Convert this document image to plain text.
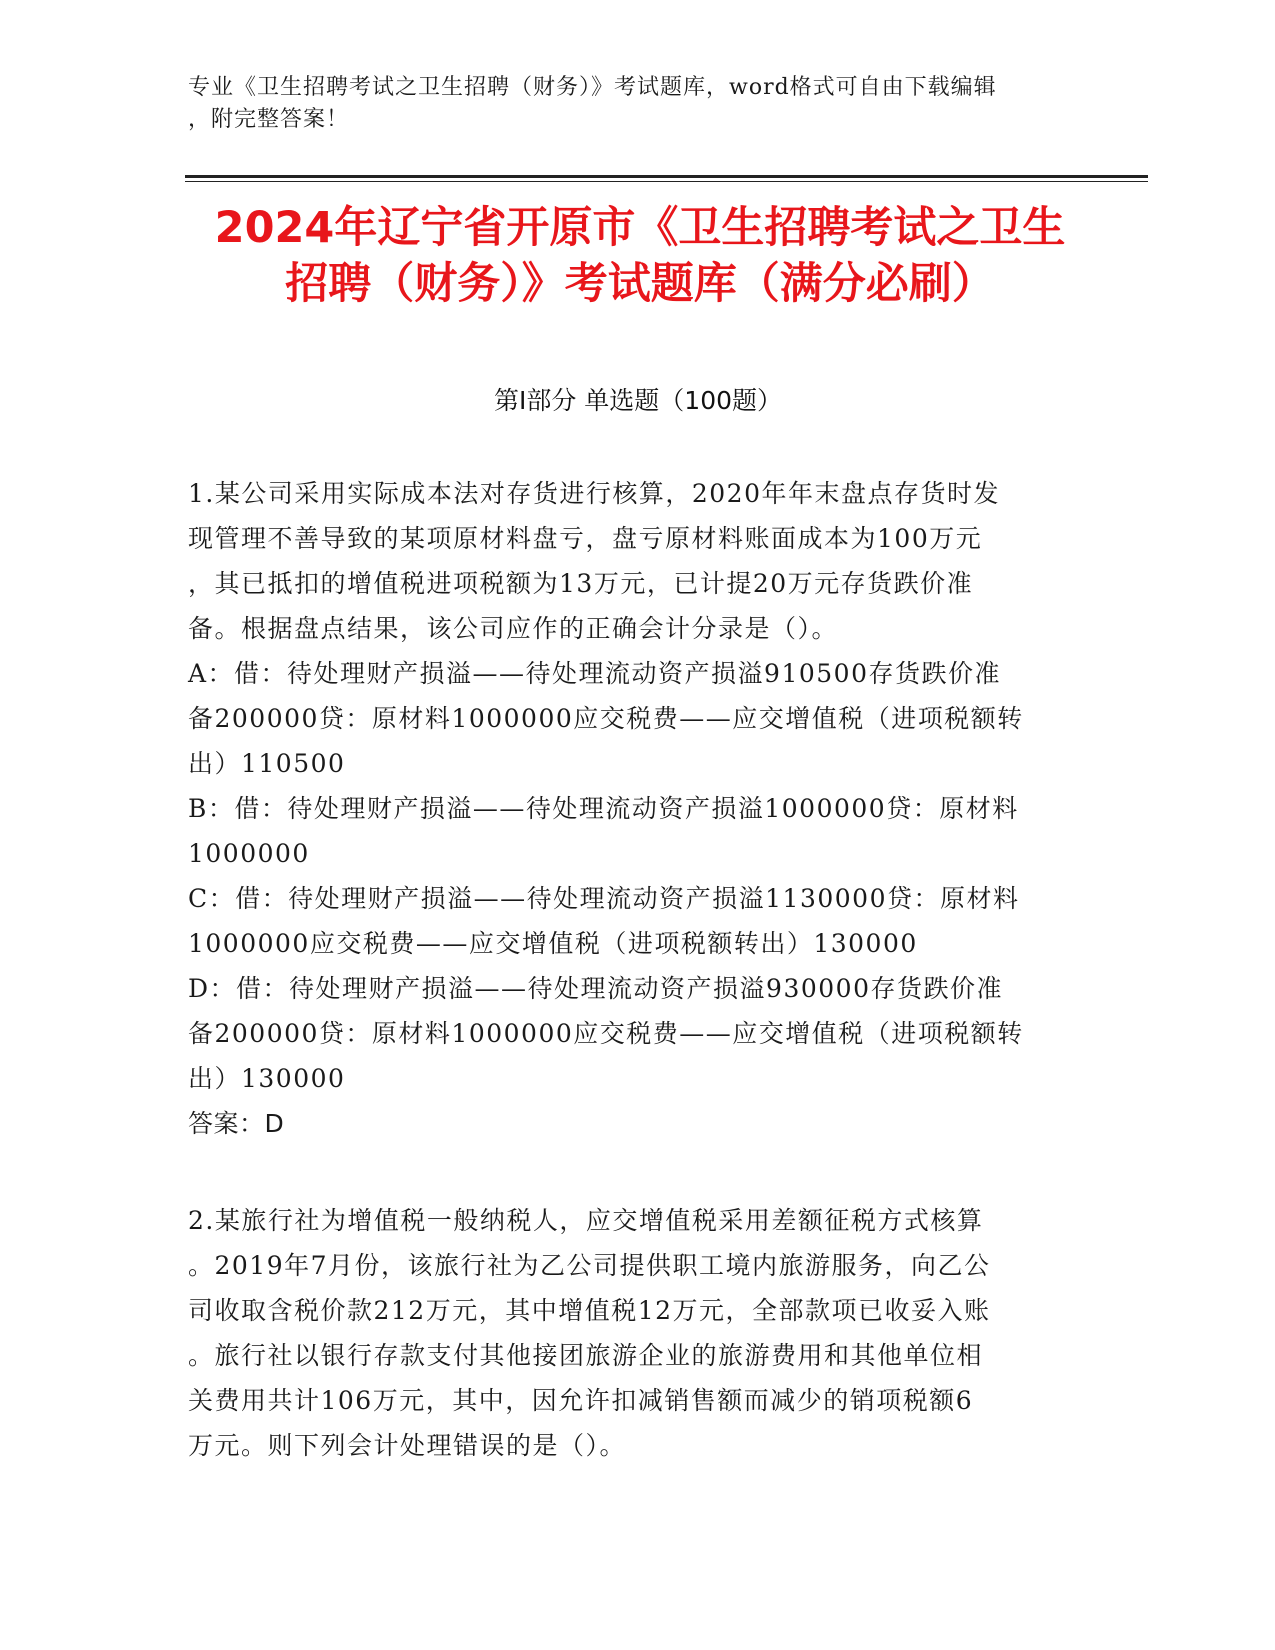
专业《卫生招聘考试之卫生招聘（财务）》考试题库，word格式可自由下载编辑
，附完整答案！
2024年辽宁省开原市《卫生招聘考试之卫生
招聘（财务）》考试题库（满分必刷）
第Ⅰ部分 单选题（100题）
1.某公司采用实际成本法对存货进行核算，2020年年末盘点存货时发
现管理不善导致的某项原材料盘亏，盘亏原材料账面成本为100万元
，其已抵扣的增值税进项税额为13万元，已计提20万元存货跌价准
备。根据盘点结果，该公司应作的正确会计分录是（）。
A：借：待处理财产损溢——待处理流动资产损溢910500存货跌价准
备200000贷：原材料1000000应交税费——应交增值税（进项税额转
出）110500
B：借：待处理财产损溢——待处理流动资产损溢1000000贷：原材料
1000000
C：借：待处理财产损溢——待处理流动资产损溢1130000贷：原材料
1000000应交税费——应交增值税（进项税额转出）130000
D：借：待处理财产损溢——待处理流动资产损溢930000存货跌价准
备200000贷：原材料1000000应交税费——应交增值税（进项税额转
出）130000
答案：D
2.某旅行社为增值税一般纳税人，应交增值税采用差额征税方式核算
。2019年7月份，该旅行社为乙公司提供职工境内旅游服务，向乙公
司收取含税价款212万元，其中增值税12万元，全部款项已收妥入账
。旅行社以银行存款支付其他接团旅游企业的旅游费用和其他单位相
关费用共计106万元，其中，因允许扣减销售额而减少的销项税额6
万元。则下列会计处理错误的是（）。
